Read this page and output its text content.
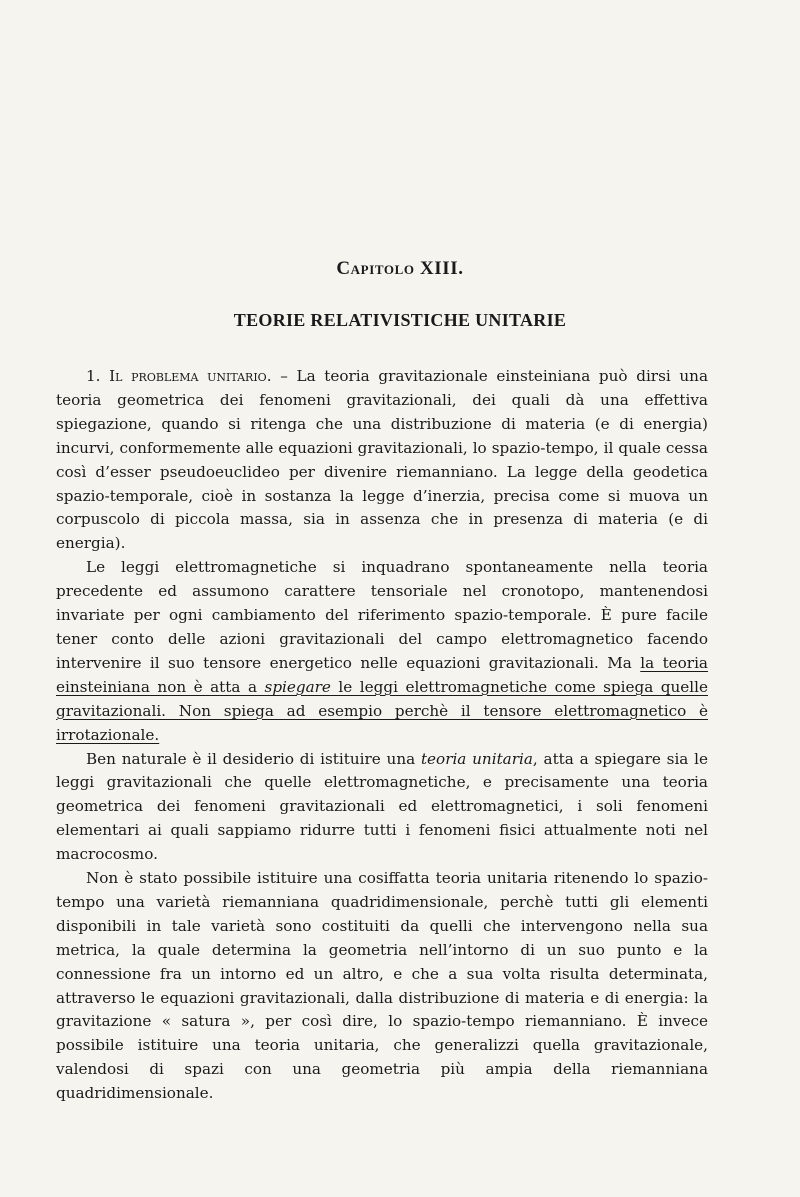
Capitolo XIII.
TEORIE RELATIVISTICHE UNITARIE

1. Il problema unitario. – La teoria gravitazionale einsteiniana può dirsi una teoria geometrica dei fenomeni gravitazionali, dei quali dà una effettiva spiegazione, quando si ritenga che una distribuzione di materia (e di energia) incurvi, conformemente alle equazioni gravitazionali, lo spazio-tempo, il quale cessa così d’esser pseudoeuclideo per divenire riemanniano. La legge della geodetica spazio-temporale, cioè in sostanza la legge d’inerzia, precisa come si muova un corpuscolo di piccola massa, sia in assenza che in presenza di materia (e di energia).

Le leggi elettromagnetiche si inquadrano spontaneamente nella teoria precedente ed assumono carattere tensoriale nel cronotopo, mantenendosi invariate per ogni cambiamento del riferimento spazio-temporale. È pure facile tener conto delle azioni gravitazionali del campo elettromagnetico facendo intervenire il suo tensore energetico nelle equazioni gravitazionali. Ma la teoria einsteiniana non è atta a spiegare le leggi elettromagnetiche come spiega quelle gravitazionali. Non spiega ad esempio perchè il tensore elettromagnetico è irrotazionale.

Ben naturale è il desiderio di istituire una teoria unitaria, atta a spiegare sia le leggi gravitazionali che quelle elettromagnetiche, e precisamente una teoria geometrica dei fenomeni gravitazionali ed elettromagnetici, i soli fenomeni elementari ai quali sappiamo ridurre tutti i fenomeni fisici attualmente noti nel macrocosmo.

Non è stato possibile istituire una cosiffatta teoria unitaria ritenendo lo spazio-tempo una varietà riemanniana quadridimensionale, perchè tutti gli elementi disponibili in tale varietà sono costituiti da quelli che intervengono nella sua metrica, la quale determina la geometria nell’intorno di un suo punto e la connessione fra un intorno ed un altro, e che a sua volta risulta determinata, attraverso le equazioni gravitazionali, dalla distribuzione di materia e di energia: la gravitazione « satura », per così dire, lo spazio-tempo riemanniano. È invece possibile istituire una teoria unitaria, che generalizzi quella gravitazionale, valendosi di spazi con una geometria più ampia della riemanniana quadridimensionale.
